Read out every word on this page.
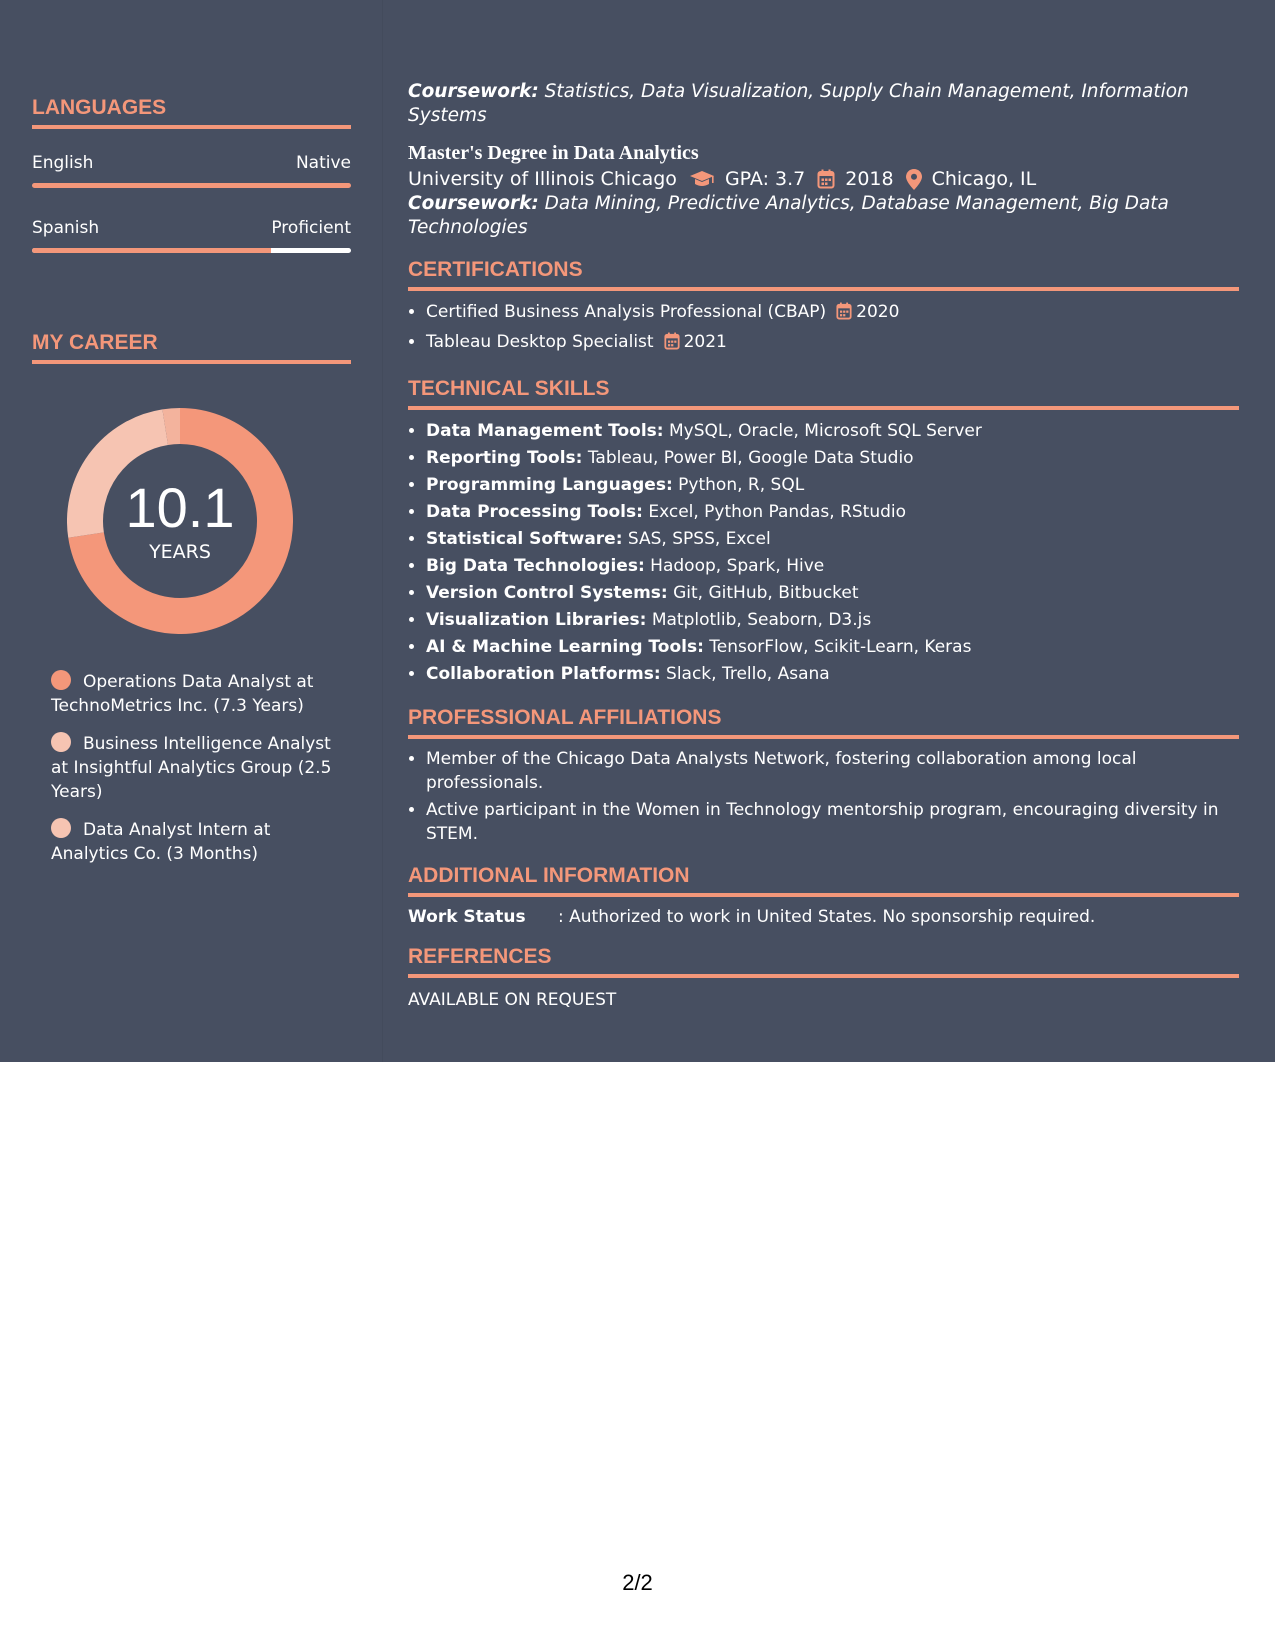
LANGUAGES
English	Native
Spanish	Proficient
MY CAREER
10.1
YEARS
Operations Data Analyst at TechnoMetrics Inc. (7.3 Years)
Business Intelligence Analyst at Insightful Analytics Group (2.5 Years)
Data Analyst Intern at Analytics Co. (3 Months)
Coursework: Statistics, Data Visualization, Supply Chain Management, Information Systems
Master's Degree in Data Analytics
University of Illinois Chicago	GPA: 3.7 2018 Chicago, IL
Coursework: Data Mining, Predictive Analytics, Database Management, Big Data Technologies
CERTIFICATIONS
• Certified Business Analysis Professional (CBAP) 2020
• Tableau Desktop Specialist 2021
TECHNICAL SKILLS
• Data Management Tools: MySQL, Oracle, Microsoft SQL Server
• Reporting Tools: Tableau, Power BI, Google Data Studio
• Programming Languages: Python, R, SQL
• Data Processing Tools: Excel, Python Pandas, RStudio
• Statistical Software: SAS, SPSS, Excel
• Big Data Technologies: Hadoop, Spark, Hive
• Version Control Systems: Git, GitHub, Bitbucket
• Visualization Libraries: Matplotlib, Seaborn, D3.js
• AI & Machine Learning Tools: TensorFlow, Scikit-Learn, Keras
• Collaboration Platforms: Slack, Trello, Asana
PROFESSIONAL AFFILIATIONS
• Member of the Chicago Data Analysts Network, fostering collaboration among local professionals.
• Active participant in the Women in Technology mentorship program, encouraging diversity in STEM.
ADDITIONAL INFORMATION
Work Status	: Authorized to work in United States. No sponsorship required.
REFERENCES
AVAILABLE ON REQUEST
2/2
